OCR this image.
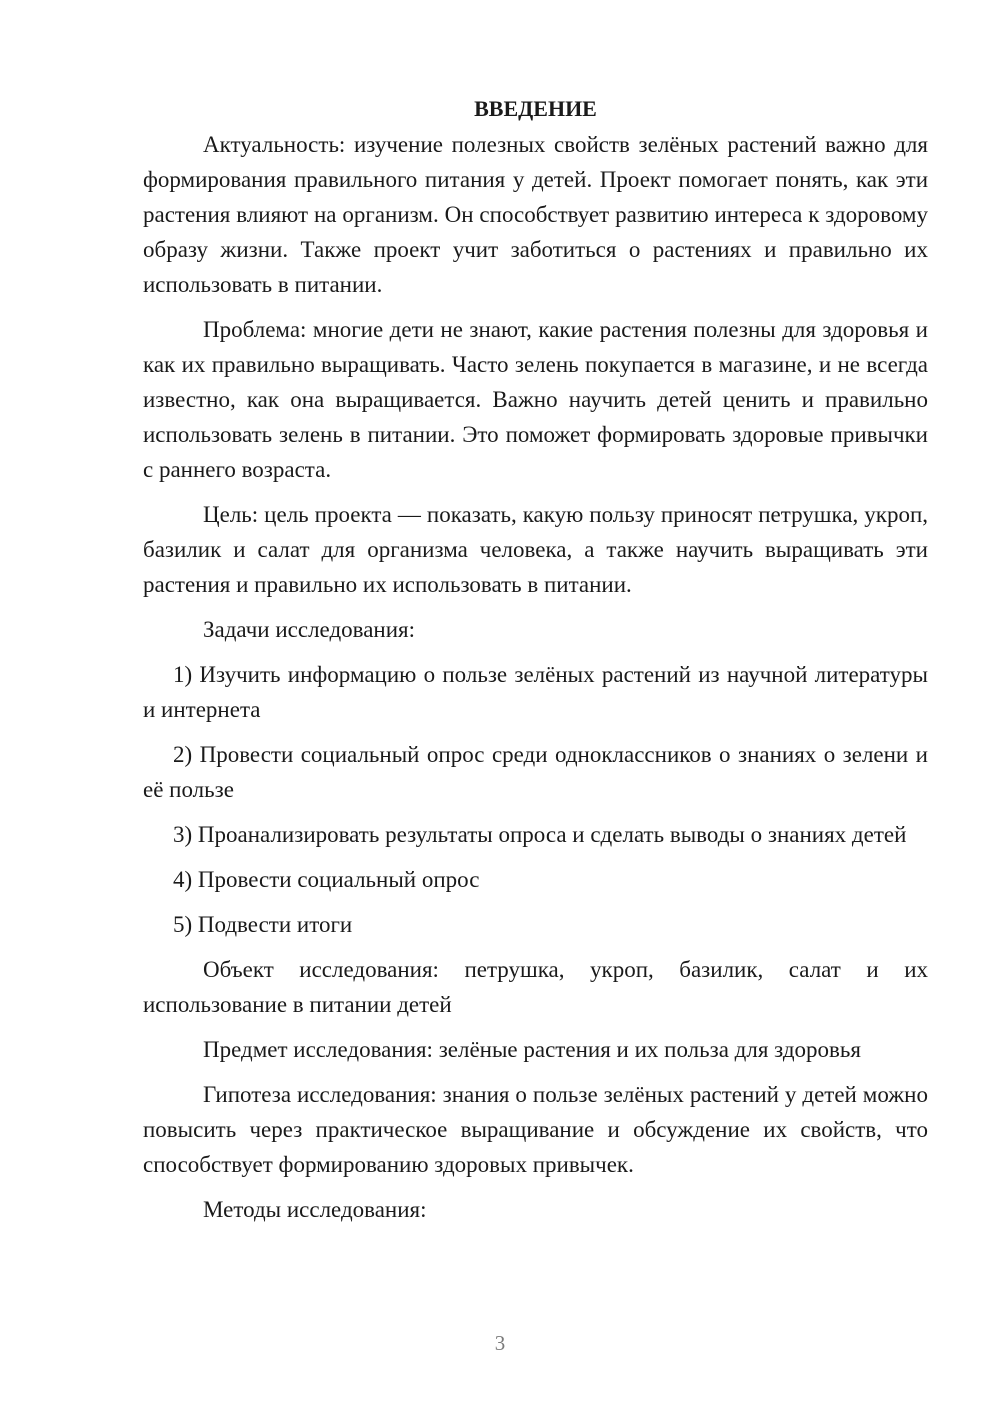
ВВЕДЕНИЕ

Актуальность: изучение полезных свойств зелёных растений важно для формирования правильного питания у детей. Проект помогает понять, как эти растения влияют на организм. Он способствует развитию интереса к здоровому образу жизни. Также проект учит заботиться о растениях и правильно их использовать в питании.

Проблема: многие дети не знают, какие растения полезны для здоровья и как их правильно выращивать. Часто зелень покупается в магазине, и не всегда известно, как она выращивается. Важно научить детей ценить и правильно использовать зелень в питании. Это поможет формировать здоровые привычки с раннего возраста.

Цель: цель проекта — показать, какую пользу приносят петрушка, укроп, базилик и салат для организма человека, а также научить выращивать эти растения и правильно их использовать в питании.

Задачи исследования:

1) Изучить информацию о пользе зелёных растений из научной литературы и интернета

2) Провести социальный опрос среди одноклассников о знаниях о зелени и её пользе

3) Проанализировать результаты опроса и сделать выводы о знаниях детей

4) Провести социальный опрос

5) Подвести итоги

Объект исследования: петрушка, укроп, базилик, салат и их использование в питании детей

Предмет исследования: зелёные растения и их польза для здоровья

Гипотеза исследования: знания о пользе зелёных растений у детей можно повысить через практическое выращивание и обсуждение их свойств, что способствует формированию здоровых привычек.

Методы исследования:

3
